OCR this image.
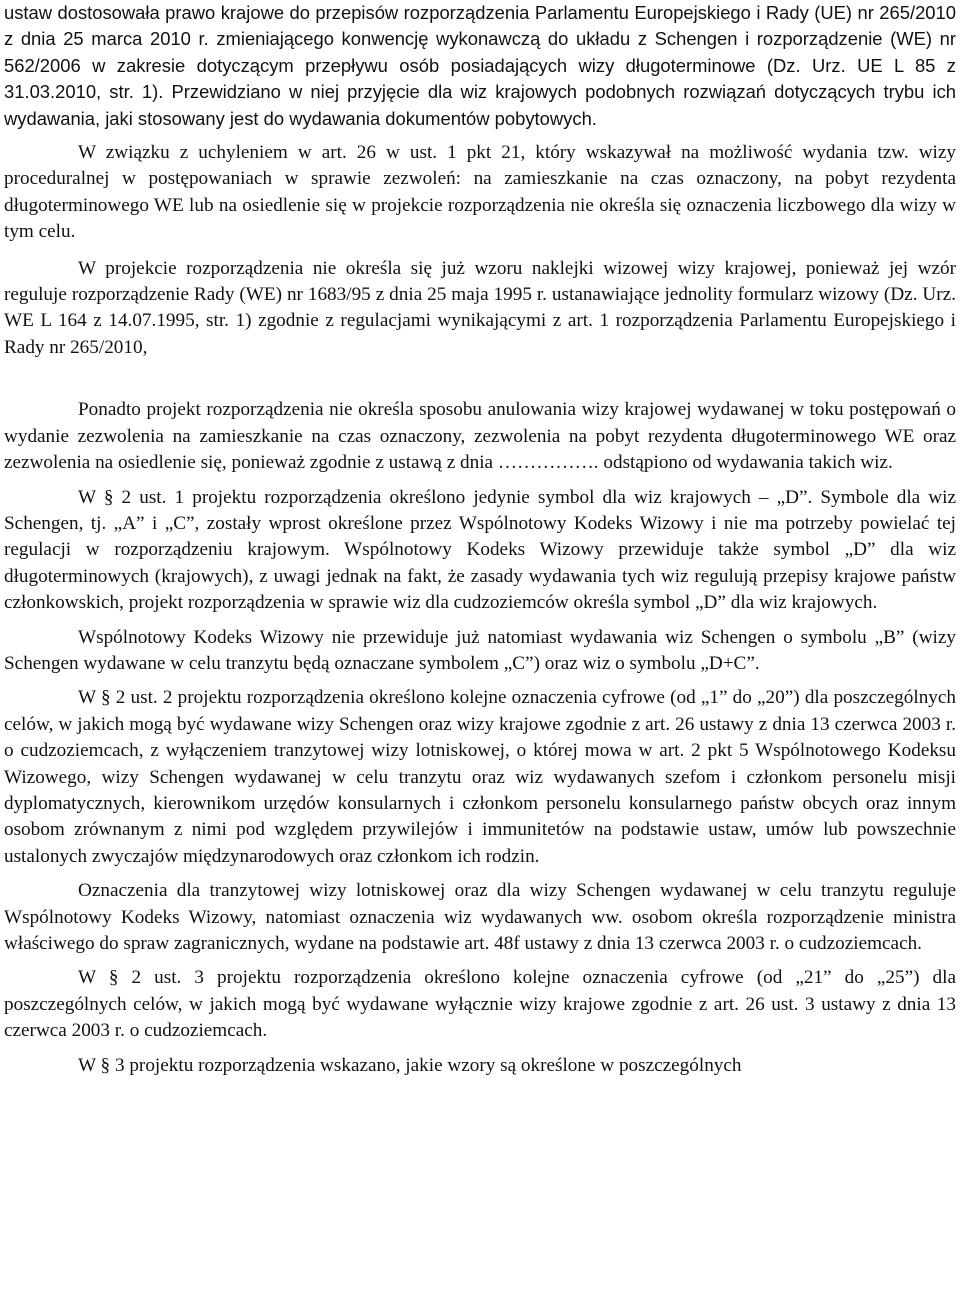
ustaw dostosowała prawo krajowe do przepisów rozporządzenia Parlamentu Europejskiego i Rady (UE) nr 265/2010 z dnia 25 marca 2010 r. zmieniającego konwencję wykonawczą do układu z Schengen i rozporządzenie (WE) nr 562/2006 w zakresie dotyczącym przepływu osób posiadających wizy długoterminowe (Dz. Urz. UE L 85 z 31.03.2010, str. 1). Przewidziano w niej przyjęcie dla wiz krajowych podobnych rozwiązań dotyczących trybu ich wydawania, jaki stosowany jest do wydawania dokumentów pobytowych.

W związku z uchyleniem w art. 26 w ust. 1 pkt 21, który wskazywał na możliwość wydania tzw. wizy proceduralnej w postępowaniach w sprawie zezwoleń: na zamieszkanie na czas oznaczony, na pobyt rezydenta długoterminowego WE lub na osiedlenie się w projekcie rozporządzenia nie określa się oznaczenia liczbowego dla wizy w tym celu.

W projekcie rozporządzenia nie określa się już wzoru naklejki wizowej wizy krajowej, ponieważ jej wzór reguluje rozporządzenie Rady (WE) nr 1683/95 z dnia 25 maja 1995 r. ustanawiające jednolity formularz wizowy (Dz. Urz. WE L 164 z 14.07.1995, str. 1) zgodnie z regulacjami wynikającymi z art. 1 rozporządzenia Parlamentu Europejskiego i Rady nr 265/2010,

Ponadto projekt rozporządzenia nie określa sposobu anulowania wizy krajowej wydawanej w toku postępowań o wydanie zezwolenia na zamieszkanie na czas oznaczony, zezwolenia na pobyt rezydenta długoterminowego WE oraz zezwolenia na osiedlenie się, ponieważ zgodnie z ustawą z dnia ……………. odstąpiono od wydawania takich wiz.

W § 2 ust. 1 projektu rozporządzenia określono jedynie symbol dla wiz krajowych – „D”. Symbole dla wiz Schengen, tj. „A” i „C”, zostały wprost określone przez Wspólnotowy Kodeks Wizowy i nie ma potrzeby powielać tej regulacji w rozporządzeniu krajowym. Wspólnotowy Kodeks Wizowy przewiduje także symbol „D” dla wiz długoterminowych (krajowych), z uwagi jednak na fakt, że zasady wydawania tych wiz regulują przepisy krajowe państw członkowskich, projekt rozporządzenia w sprawie wiz dla cudzoziemców określa symbol „D” dla wiz krajowych.

Wspólnotowy Kodeks Wizowy nie przewiduje już natomiast wydawania wiz Schengen o symbolu „B” (wizy Schengen wydawane w celu tranzytu będą oznaczane symbolem „C”) oraz wiz o symbolu „D+C”.

W § 2 ust. 2 projektu rozporządzenia określono kolejne oznaczenia cyfrowe (od „1” do „20”) dla poszczególnych celów, w jakich mogą być wydawane wizy Schengen oraz wizy krajowe zgodnie z art. 26 ustawy z dnia 13 czerwca 2003 r. o cudzoziemcach, z wyłączeniem tranzytowej wizy lotniskowej, o której mowa w art. 2 pkt 5 Wspólnotowego Kodeksu Wizowego, wizy Schengen wydawanej w celu tranzytu oraz wiz wydawanych szefom i członkom personelu misji dyplomatycznych, kierownikom urzędów konsularnych i członkom personelu konsularnego państw obcych oraz innym osobom zrównanym z nimi pod względem przywilejów i immunitetów na podstawie ustaw, umów lub powszechnie ustalonych zwyczajów międzynarodowych oraz członkom ich rodzin.

Oznaczenia dla tranzytowej wizy lotniskowej oraz dla wizy Schengen wydawanej w celu tranzytu reguluje Wspólnotowy Kodeks Wizowy, natomiast oznaczenia wiz wydawanych ww. osobom określa rozporządzenie ministra właściwego do spraw zagranicznych, wydane na podstawie art. 48f ustawy z dnia 13 czerwca 2003 r. o cudzoziemcach.

W § 2 ust. 3 projektu rozporządzenia określono kolejne oznaczenia cyfrowe (od „21” do „25”) dla poszczególnych celów, w jakich mogą być wydawane wyłącznie wizy krajowe zgodnie z art. 26 ust. 3 ustawy z dnia 13 czerwca 2003 r. o cudzoziemcach.

W § 3 projektu rozporządzenia wskazano, jakie wzory są określone w poszczególnych
